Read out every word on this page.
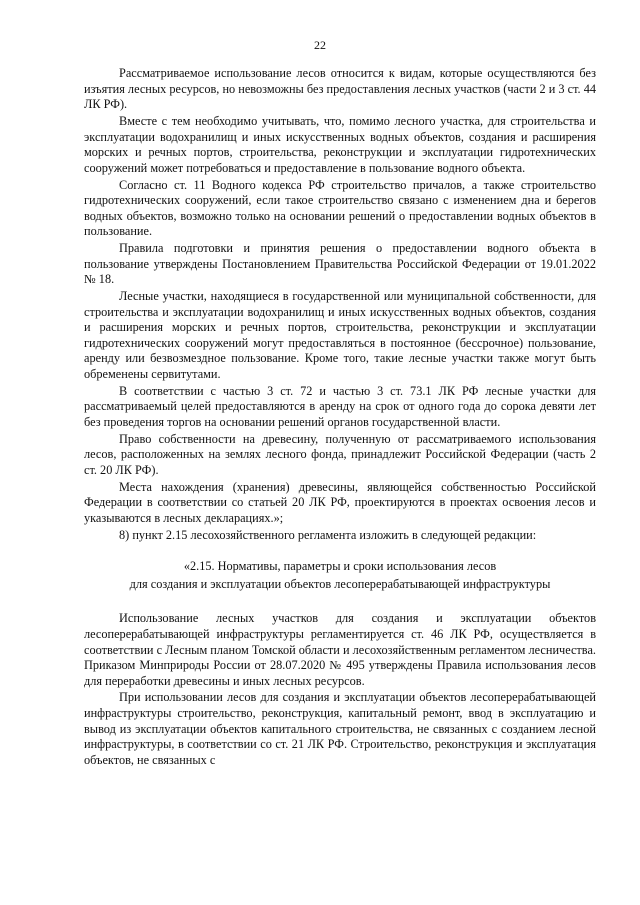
22

Рассматриваемое использование лесов относится к видам, которые осуществляются без изъятия лесных ресурсов, но невозможны без предоставления лесных участков (части 2 и 3 ст. 44 ЛК РФ).

Вместе с тем необходимо учитывать, что, помимо лесного участка, для строительства и эксплуатации водохранилищ и иных искусственных водных объектов, создания и расширения морских и речных портов, строительства, реконструкции и эксплуатации гидротехнических сооружений может потребоваться и предоставление в пользование водного объекта.

Согласно ст. 11 Водного кодекса РФ строительство причалов, а также строительство гидротехнических сооружений, если такое строительство связано с изменением дна и берегов водных объектов, возможно только на основании решений о предоставлении водных объектов в пользование.

Правила подготовки и принятия решения о предоставлении водного объекта в пользование утверждены Постановлением Правительства Российской Федерации от 19.01.2022 № 18.

Лесные участки, находящиеся в государственной или муниципальной собственности, для строительства и эксплуатации водохранилищ и иных искусственных водных объектов, создания и расширения морских и речных портов, строительства, реконструкции и эксплуатации гидротехнических сооружений могут предоставляться в постоянное (бессрочное) пользование, аренду или безвозмездное пользование. Кроме того, такие лесные участки также могут быть обременены сервитутами.

В соответствии с частью 3 ст. 72 и частью 3 ст. 73.1 ЛК РФ лесные участки для рассматриваемый целей предоставляются в аренду на срок от одного года до сорока девяти лет без проведения торгов на основании решений органов государственной власти.

Право собственности на древесину, полученную от рассматриваемого использования лесов, расположенных на землях лесного фонда, принадлежит Российской Федерации (часть 2 ст. 20 ЛК РФ).

Места нахождения (хранения) древесины, являющейся собственностью Российской Федерации в соответствии со статьей 20 ЛК РФ, проектируются в проектах освоения лесов и указываются в лесных декларациях.»;

8) пункт 2.15 лесохозяйственного регламента изложить в следующей редакции:

«2.15. Нормативы, параметры и сроки использования лесов
для создания и эксплуатации объектов лесоперерабатывающей инфраструктуры

Использование лесных участков для создания и эксплуатации объектов лесоперерабатывающей инфраструктуры регламентируется ст. 46 ЛК РФ, осуществляется в соответствии с Лесным планом Томской области и лесохозяйственным регламентом лесничества. Приказом Минприроды России от 28.07.2020 № 495 утверждены Правила использования лесов для переработки древесины и иных лесных ресурсов.

При использовании лесов для создания и эксплуатации объектов лесоперерабатывающей инфраструктуры строительство, реконструкция, капитальный ремонт, ввод в эксплуатацию и вывод из эксплуатации объектов капитального строительства, не связанных с созданием лесной инфраструктуры, в соответствии со ст. 21 ЛК РФ. Строительство, реконструкция и эксплуатация объектов, не связанных с
